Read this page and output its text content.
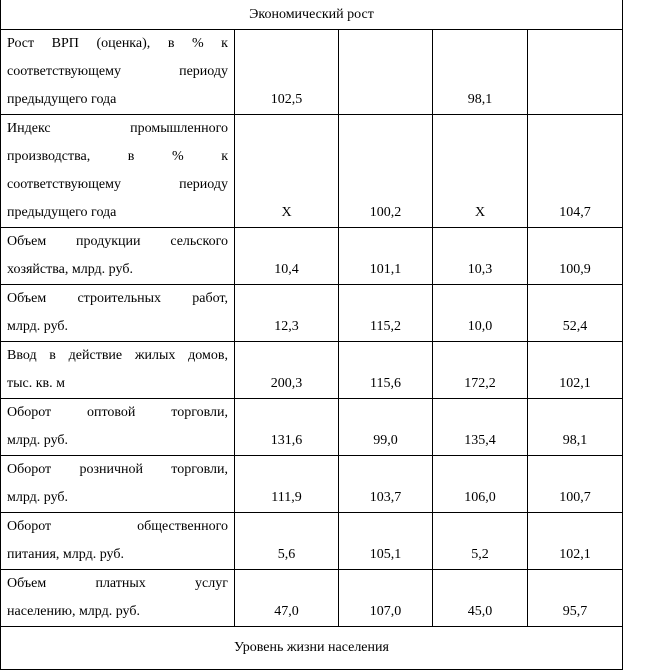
Экономический рост				

Рост ВРП (оценка), в % к
соответствующему периоду
предыдущего года	102,5		98,1	

Индекс промышленного
производства, в % к
соответствующему периоду
предыдущего года	X	100,2	X	104,7

Объем продукции сельского
хозяйства, млрд. руб.	10,4	101,1	10,3	100,9

Объем строительных работ,
млрд. руб.	12,3	115,2	10,0	52,4

Ввод в действие жилых домов,
тыс. кв. м	200,3	115,6	172,2	102,1

Оборот оптовой торговли,
млрд. руб.	131,6	99,0	135,4	98,1

Оборот розничной торговли,
млрд. руб.	111,9	103,7	106,0	100,7

Оборот общественного
питания, млрд. руб.	5,6	105,1	5,2	102,1

Объем платных услуг
населению, млрд. руб.	47,0	107,0	45,0	95,7
Уровень жизни населения				
